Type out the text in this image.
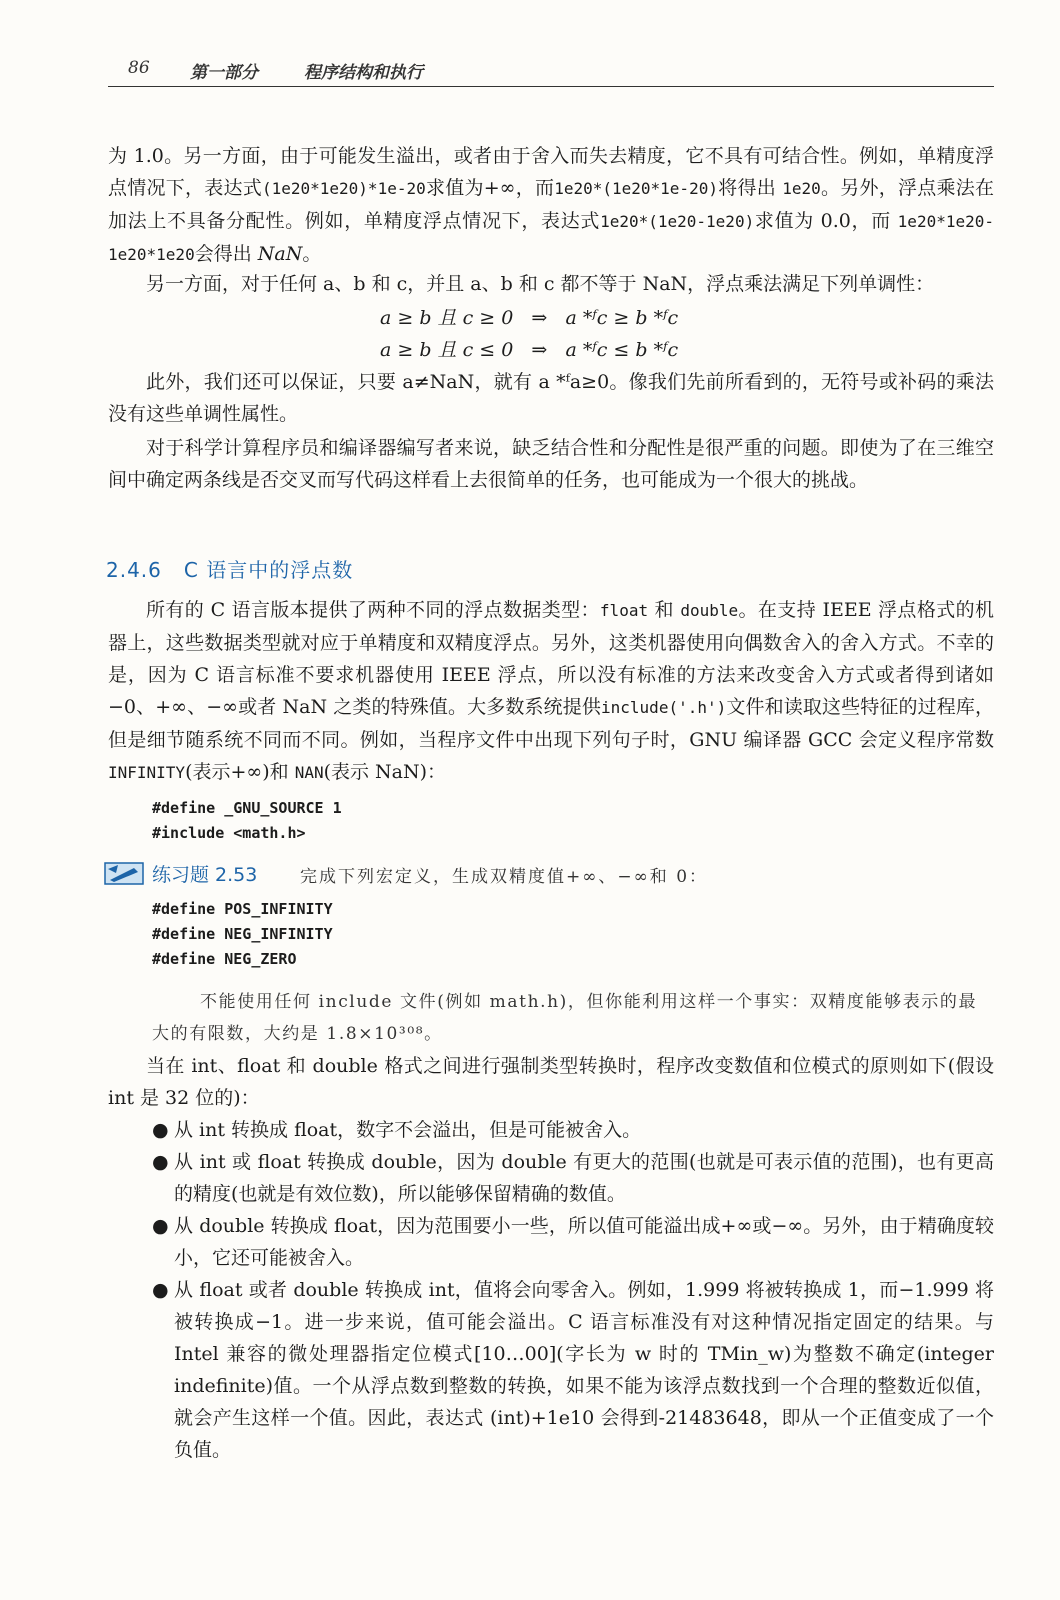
86 第一部分	程序结构和执行

为 1.0。另一方面，由于可能发生溢出，或者由于舍入而失去精度，它不具有可结合性。例如，单精度浮点情况下，表达式(1e20*1e20)*1e-20求值为+∞，而1e20*(1e20*1e-20)将得出 1e20。另外，浮点乘法在加法上不具备分配性。例如，单精度浮点情况下，表达式1e20*(1e20-1e20)求值为 0.0，而 1e20*1e20-1e20*1e20会得出 NaN。

另一方面，对于任何 a、b 和 c，并且 a、b 和 c 都不等于 NaN，浮点乘法满足下列单调性：

a ≥ b 且 c ≥ 0   ⇒   a *ᶠc ≥ b *ᶠc
a ≥ b 且 c ≤ 0   ⇒   a *ᶠc ≤ b *ᶠc

此外，我们还可以保证，只要 a≠NaN，就有 a *ᶠa≥0。像我们先前所看到的，无符号或补码的乘法没有这些单调性属性。

对于科学计算程序员和编译器编写者来说，缺乏结合性和分配性是很严重的问题。即使为了在三维空间中确定两条线是否交叉而写代码这样看上去很简单的任务，也可能成为一个很大的挑战。

2.4.6 C 语言中的浮点数

所有的 C 语言版本提供了两种不同的浮点数据类型：float 和 double。在支持 IEEE 浮点格式的机器上，这些数据类型就对应于单精度和双精度浮点。另外，这类机器使用向偶数舍入的舍入方式。不幸的是，因为 C 语言标准不要求机器使用 IEEE 浮点，所以没有标准的方法来改变舍入方式或者得到诸如−0、+∞、−∞或者 NaN 之类的特殊值。大多数系统提供include('.h')文件和读取这些特征的过程库，但是细节随系统不同而不同。例如，当程序文件中出现下列句子时，GNU 编译器 GCC 会定义程序常数 INFINITY(表示+∞)和 NAN(表示 NaN)：

#define _GNU_SOURCE 1
#include <math.h>
练习题 2.53	完成下列宏定义，生成双精度值+∞、−∞和 0：
#define POS_INFINITY
#define NEG_INFINITY
#define NEG_ZERO

不能使用任何 include 文件(例如 math.h)，但你能利用这样一个事实：双精度能够表示的最大的有限数，大约是 1.8×10³⁰⁸。

当在 int、float 和 double 格式之间进行强制类型转换时，程序改变数值和位模式的原则如下(假设 int 是 32 位的)：

● 从 int 转换成 float，数字不会溢出，但是可能被舍入。
● 从 int 或 float 转换成 double，因为 double 有更大的范围(也就是可表示值的范围)，也有更高的精度(也就是有效位数)，所以能够保留精确的数值。
● 从 double 转换成 float，因为范围要小一些，所以值可能溢出成+∞或−∞。另外，由于精确度较小，它还可能被舍入。
● 从 float 或者 double 转换成 int，值将会向零舍入。例如，1.999 将被转换成 1，而−1.999 将被转换成−1。进一步来说，值可能会溢出。C 语言标准没有对这种情况指定固定的结果。与 Intel 兼容的微处理器指定位模式[10…00](字长为 w 时的 TMin_w)为整数不确定(integer indefinite)值。一个从浮点数到整数的转换，如果不能为该浮点数找到一个合理的整数近似值，就会产生这样一个值。因此，表达式 (int)+1e10 会得到-21483648，即从一个正值变成了一个负值。
